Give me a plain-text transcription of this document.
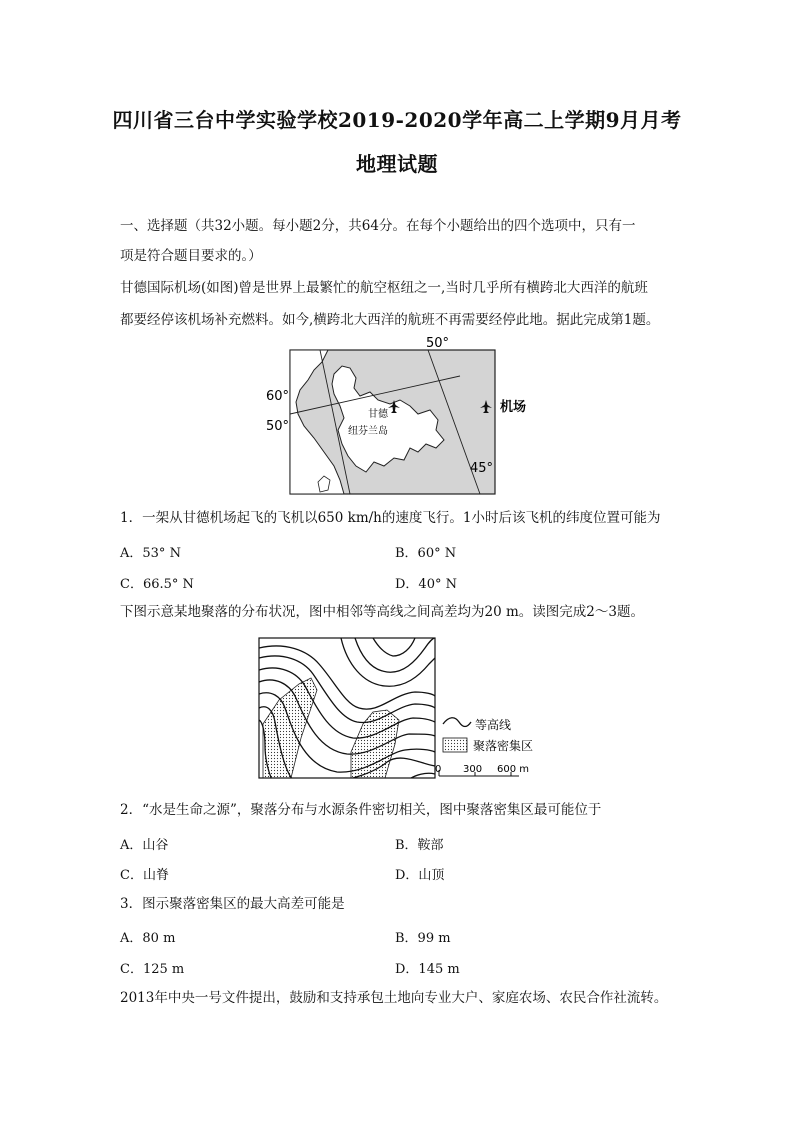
四川省三台中学实验学校2019-2020学年高二上学期9月月考
地理试题
一、选择题（共32小题。每小题2分，共64分。在每个小题给出的四个选项中，只有一
项是符合题目要求的。）
甘德国际机场(如图)曾是世界上最繁忙的航空枢纽之一,当时几乎所有横跨北大西洋的航班
都要经停该机场补充燃料。如今,横跨北大西洋的航班不再需要经停此地。据此完成第1题。
50°
60°
50°
45°
甘德
纽芬兰岛
机场
1．一架从甘德机场起飞的飞机以650 km/h的速度飞行。1小时后该飞机的纬度位置可能为
A．53° N	B．60° N
C．66.5° N	D．40° N
下图示意某地聚落的分布状况，图中相邻等高线之间高差均为20 m。读图完成2～3题。
等高线
聚落密集区
0 300 600 m
2．“水是生命之源”，聚落分布与水源条件密切相关，图中聚落密集区最可能位于
A．山谷	B．鞍部
C．山脊	D．山顶
3．图示聚落密集区的最大高差可能是
A．80 m	B．99 m
C．125 m	D．145 m
2013年中央一号文件提出，鼓励和支持承包土地向专业大户、家庭农场、农民合作社流转。
